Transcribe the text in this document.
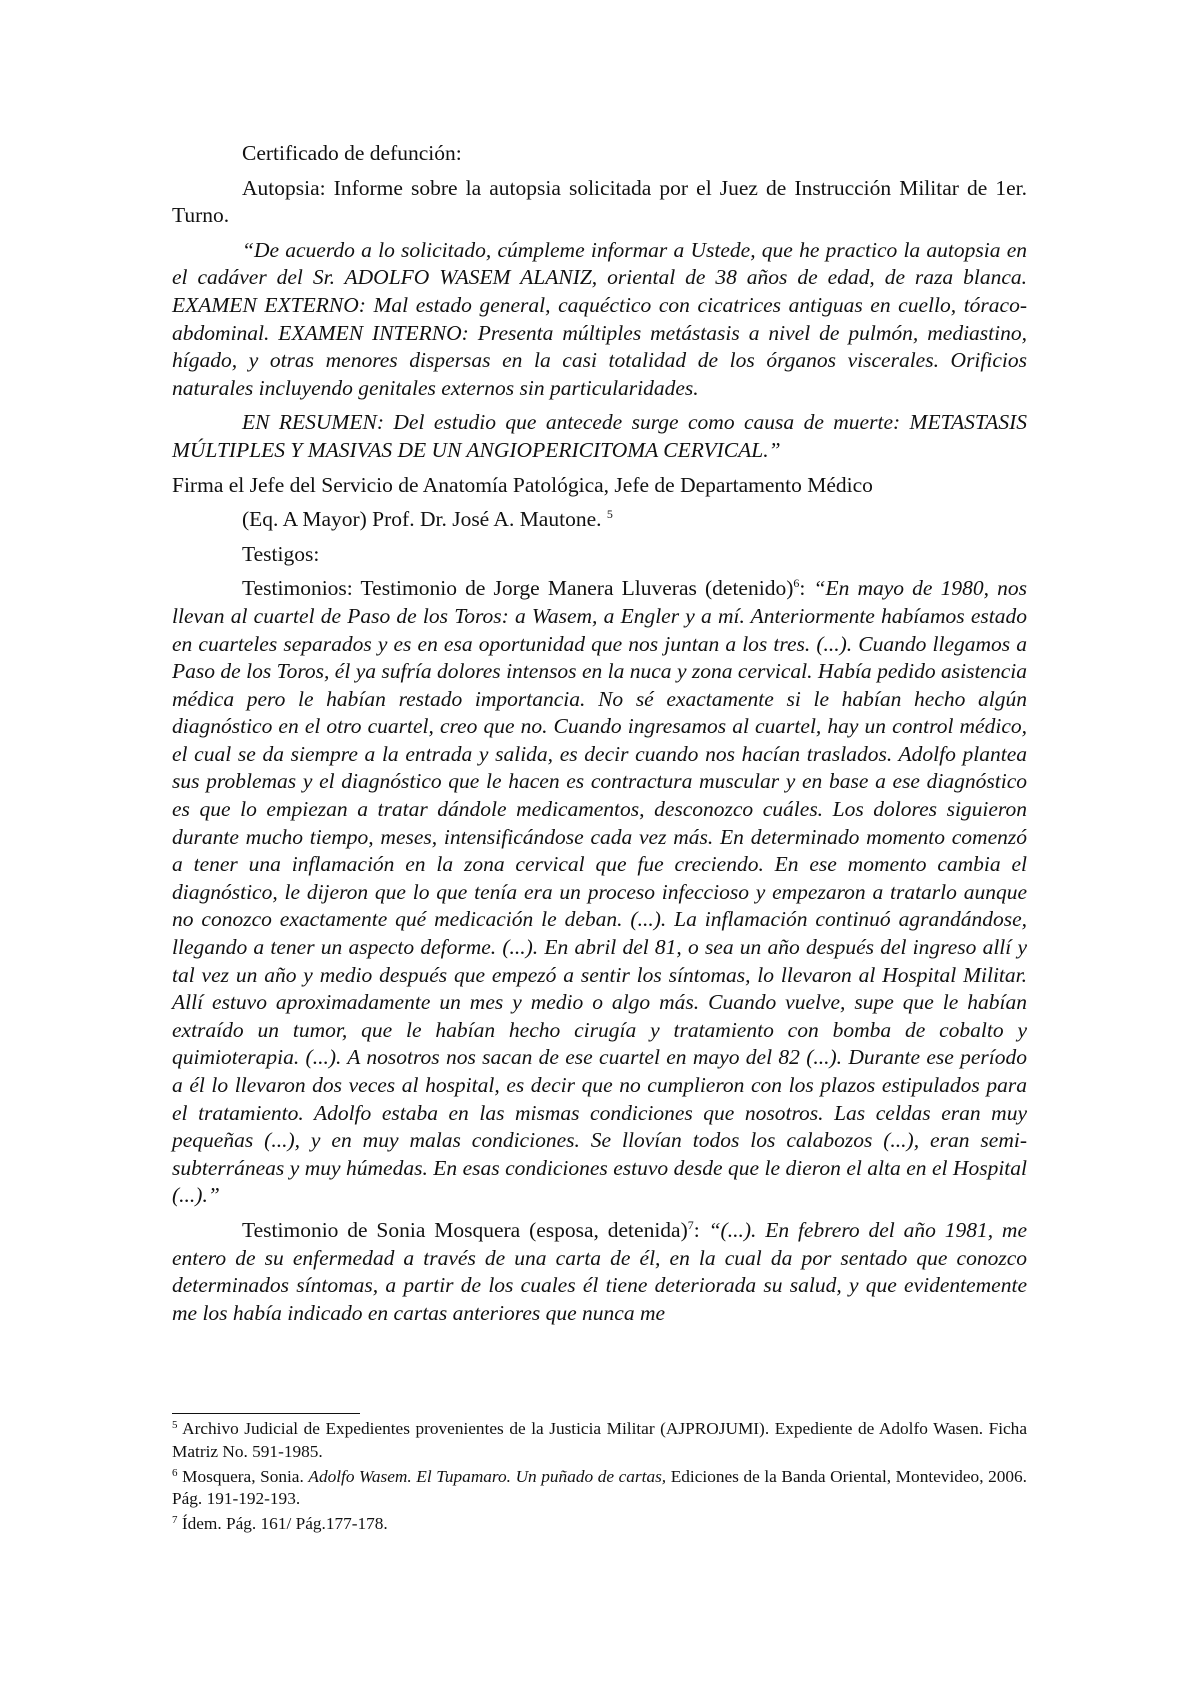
Certificado de defunción:

Autopsia: Informe sobre la autopsia solicitada por el Juez de Instrucción Militar de 1er. Turno.

“De acuerdo a lo solicitado, cúmpleme informar a Ustede, que he practico la autopsia en el cadáver del Sr. ADOLFO WASEM ALANIZ, oriental de 38 años de edad, de raza blanca. EXAMEN EXTERNO: Mal estado general, caquéctico con cicatrices antiguas en cuello, tóraco- abdominal. EXAMEN INTERNO: Presenta múltiples metástasis a nivel de pulmón, mediastino, hígado, y otras menores dispersas en la casi totalidad de los órganos viscerales. Orificios naturales incluyendo genitales externos sin particularidades.

EN RESUMEN: Del estudio que antecede surge como causa de muerte: METASTASIS MÚLTIPLES Y MASIVAS DE UN ANGIOPERICITOMA CERVICAL.”

Firma el Jefe del Servicio de Anatomía Patológica, Jefe de Departamento Médico

(Eq. A Mayor) Prof. Dr. José A. Mautone. $^5$

Testigos:

Testimonios: Testimonio de Jorge Manera Lluveras (detenido)$^6$: “En mayo de 1980, nos llevan al cuartel de Paso de los Toros: a Wasem, a Engler y a mí. Anteriormente habíamos estado en cuarteles separados y es en esa oportunidad que nos juntan a los tres. (...). Cuando llegamos a Paso de los Toros, él ya sufría dolores intensos en la nuca y zona cervical. Había pedido asistencia médica pero le habían restado importancia. No sé exactamente si le habían hecho algún diagnóstico en el otro cuartel, creo que no. Cuando ingresamos al cuartel, hay un control médico, el cual se da siempre a la entrada y salida, es decir cuando nos hacían traslados. Adolfo plantea sus problemas y el diagnóstico que le hacen es contractura muscular y en base a ese diagnóstico es que lo empiezan a tratar dándole medicamentos, desconozco cuáles. Los dolores siguieron durante mucho tiempo, meses, intensificándose cada vez más. En determinado momento comenzó a tener una inflamación en la zona cervical que fue creciendo. En ese momento cambia el diagnóstico, le dijeron que lo que tenía era un proceso infeccioso y empezaron a tratarlo aunque no conozco exactamente qué medicación le deban. (...). La inflamación continuó agrandándose, llegando a tener un aspecto deforme. (...). En abril del 81, o sea un año después del ingreso allí y tal vez un año y medio después que empezó a sentir los síntomas, lo llevaron al Hospital Militar. Allí estuvo aproximadamente un mes y medio o algo más. Cuando vuelve, supe que le habían extraído un tumor, que le habían hecho cirugía y tratamiento con bomba de cobalto y quimioterapia. (...). A nosotros nos sacan de ese cuartel en mayo del 82 (...). Durante ese período a él lo llevaron dos veces al hospital, es decir que no cumplieron con los plazos estipulados para el tratamiento. Adolfo estaba en las mismas condiciones que nosotros. Las celdas eran muy pequeñas (...), y en muy malas condiciones. Se llovían todos los calabozos (...), eran semi-subterráneas y muy húmedas. En esas condiciones estuvo desde que le dieron el alta en el Hospital (...).”

Testimonio de Sonia Mosquera (esposa, detenida)$^7$: “(...). En febrero del año 1981, me entero de su enfermedad a través de una carta de él, en la cual da por sentado que conozco determinados síntomas, a partir de los cuales él tiene deteriorada su salud, y que evidentemente me los había indicado en cartas anteriores que nunca me

$^5$ Archivo Judicial de Expedientes provenientes de la Justicia Militar (AJPROJUMI). Expediente de Adolfo Wasen. Ficha Matriz No. 591-1985.

$^6$ Mosquera, Sonia. Adolfo Wasem. El Tupamaro. Un puñado de cartas, Ediciones de la Banda Oriental, Montevideo, 2006. Pág. 191-192-193.

$^7$ Ídem. Pág. 161/ Pág.177-178.
